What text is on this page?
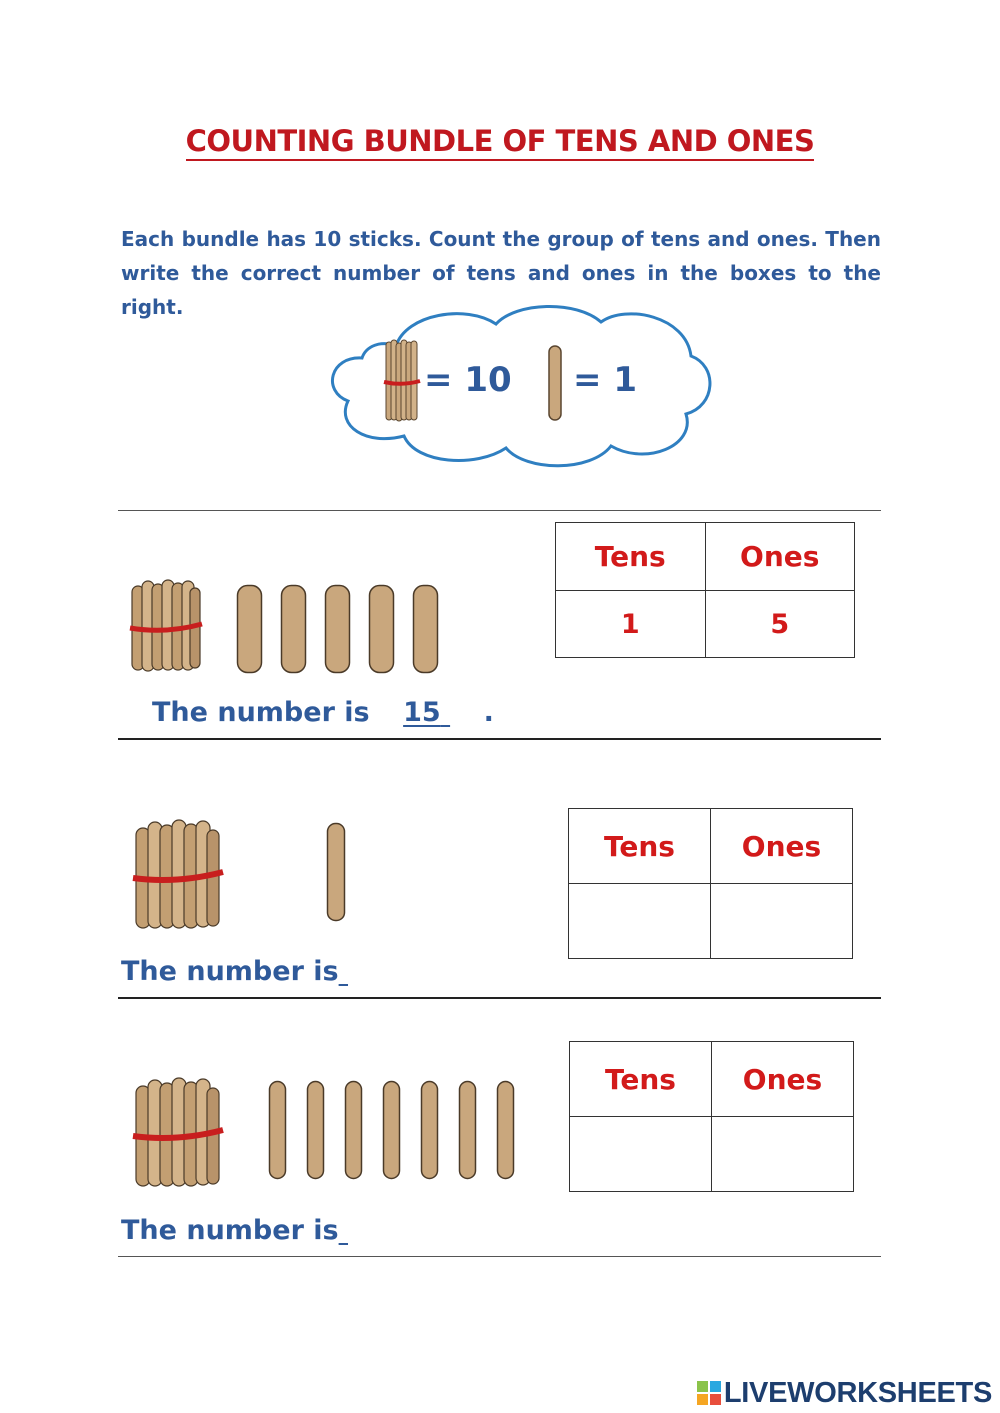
COUNTING BUNDLE OF TENS AND ONES
Each bundle has 10 sticks. Count the group of tens and ones. Then write the correct number of tens and ones in the boxes to the right.
= 10 = 1
Tens	Ones
1	5
The number is 15 .
Tens	Ones

The number is
Tens	Ones

The number is
LIVEWORKSHEETS
